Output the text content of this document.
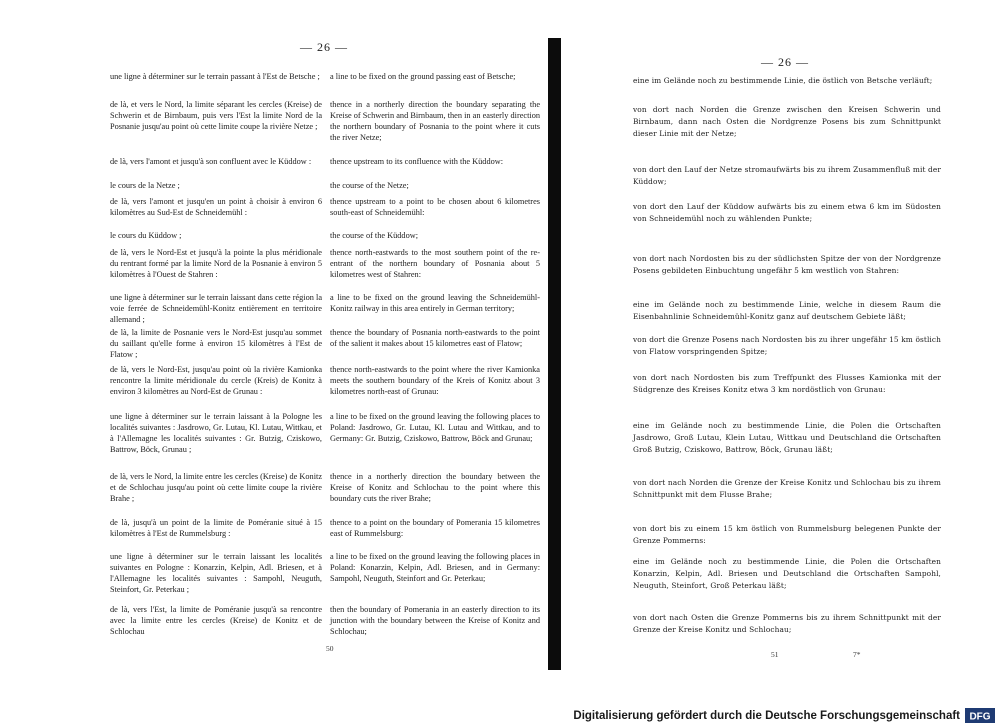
— 26 —
une ligne à déterminer sur le terrain passant à l'Est de Betsche ;
de là, et vers le Nord, la limite séparant les cercles (Kreise) de Schwerin et de Birnbaum, puis vers l'Est la limite Nord de la Posnanie jusqu'au point où cette limite coupe la rivière Netze ;
de là, vers l'amont et jusqu'à son confluent avec le Küddow :
le cours de la Netze ;
de là, vers l'amont et jusqu'en un point à choisir à environ 6 kilomètres au Sud-Est de Schneidemühl :
le cours du Küddow ;
de là, vers le Nord-Est et jusqu'à la pointe la plus méridionale du rentrant formé par la limite Nord de la Posnanie à environ 5 kilomètres à l'Ouest de Stahren :
une ligne à déterminer sur le terrain laissant dans cette région la voie ferrée de Schneidemühl-Konitz entièrement en territoire allemand ;
de là, la limite de Posnanie vers le Nord-Est jusqu'au sommet du saillant qu'elle forme à environ 15 kilomètres à l'Est de Flatow ;
de là, vers le Nord-Est, jusqu'au point où la rivière Kamionka rencontre la limite méridionale du cercle (Kreis) de Konitz à environ 3 kilomètres au Nord-Est de Grunau :
une ligne à déterminer sur le terrain laissant à la Pologne les localités suivantes : Jasdrowo, Gr. Lutau, Kl. Lutau, Wittkau, et à l'Allemagne les localités suivantes : Gr. Butzig, Cziskowo, Battrow, Böck, Grunau ;
de là, vers le Nord, la limite entre les cercles (Kreise) de Konitz et de Schlochau jusqu'au point où cette limite coupe la rivière Brahe ;
de là, jusqu'à un point de la limite de Poméranie situé à 15 kilomètres à l'Est de Rummelsburg :
une ligne à déterminer sur le terrain laissant les localités suivantes en Pologne : Konarzin, Kelpin, Adl. Briesen, et à l'Allemagne les localités suivantes : Sampohl, Neuguth, Steinfort, Gr. Peterkau ;
de là, vers l'Est, la limite de Poméranie jusqu'à sa rencontre avec la limite entre les cercles (Kreise) de Konitz et de Schlochau
a line to be fixed on the ground passing east of Betsche;
thence in a northerly direction the boundary separating the Kreise of Schwerin and Birnbaum, then in an easterly direction the northern boundary of Posnania to the point where it cuts the river Netze;
thence upstream to its confluence with the Küddow:
the course of the Netze;
thence upstream to a point to be chosen about 6 kilometres south-east of Schneidemühl:
the course of the Küddow;
thence north-eastwards to the most southern point of the re-entrant of the northern boundary of Posnania about 5 kilometres west of Stahren:
a line to be fixed on the ground leaving the Schneidemühl-Konitz railway in this area entirely in German territory;
thence the boundary of Posnania north-eastwards to the point of the salient it makes about 15 kilometres east of Flatow;
thence north-eastwards to the point where the river Kamionka meets the southern boundary of the Kreis of Konitz about 3 kilometres north-east of Grunau:
a line to be fixed on the ground leaving the following places to Poland: Jasdrowo, Gr. Lutau, Kl. Lutau and Wittkau, and to Germany: Gr. Butzig, Cziskowo, Battrow, Böck and Grunau;
thence in a northerly direction the boundary between the Kreise of Konitz and Schlochau to the point where this boundary cuts the river Brahe;
thence to a point on the boundary of Pomerania 15 kilometres east of Rummelsburg:
a line to be fixed on the ground leaving the following places in Poland: Konarzin, Kelpin, Adl. Briesen, and in Germany: Sampohl, Neuguth, Steinfort and Gr. Peterkau;
then the boundary of Pomerania in an easterly direction to its junction with the boundary between the Kreise of Konitz and Schlochau;
50
— 26 —
eine im Gelände noch zu bestimmende Linie, die östlich von Betsche verläuft;
von dort nach Norden die Grenze zwischen den Kreisen Schwerin und Birnbaum, dann nach Osten die Nordgrenze Posens bis zum Schnittpunkt dieser Linie mit der Netze;
von dort den Lauf der Netze stromaufwärts bis zu ihrem Zusammenfluß mit der Küddow;
von dort den Lauf der Küddow aufwärts bis zu einem etwa 6 km im Südosten von Schneidemühl noch zu wählenden Punkte;
von dort nach Nordosten bis zu der südlichsten Spitze der von der Nordgrenze Posens gebildeten Einbuchtung ungefähr 5 km westlich von Stahren:
eine im Gelände noch zu bestimmende Linie, welche in diesem Raum die Eisenbahnlinie Schneidemühl-Konitz ganz auf deutschem Gebiete läßt;
von dort die Grenze Posens nach Nordosten bis zu ihrer ungefähr 15 km östlich von Flatow vorspringenden Spitze;
von dort nach Nordosten bis zum Treffpunkt des Flusses Kamionka mit der Südgrenze des Kreises Konitz etwa 3 km nordöstlich von Grunau:
eine im Gelände noch zu bestimmende Linie, die Polen die Ortschaften Jasdrowo, Groß Lutau, Klein Lutau, Wittkau und Deutschland die Ortschaften Groß Butzig, Cziskowo, Battrow, Böck, Grunau läßt;
von dort nach Norden die Grenze der Kreise Konitz und Schlochau bis zu ihrem Schnittpunkt mit dem Flusse Brahe;
von dort bis zu einem 15 km östlich von Rummelsburg belegenen Punkte der Grenze Pommerns:
eine im Gelände noch zu bestimmende Linie, die Polen die Ortschaften Konarzin, Kelpin, Adl. Briesen und Deutschland die Ortschaften Sampohl, Neuguth, Steinfort, Groß Peterkau läßt;
von dort nach Osten die Grenze Pommerns bis zu ihrem Schnittpunkt mit der Grenze der Kreise Konitz und Schlochau;
51	7*
Digitalisierung gefördert durch die Deutsche Forschungsgemeinschaft DFG
